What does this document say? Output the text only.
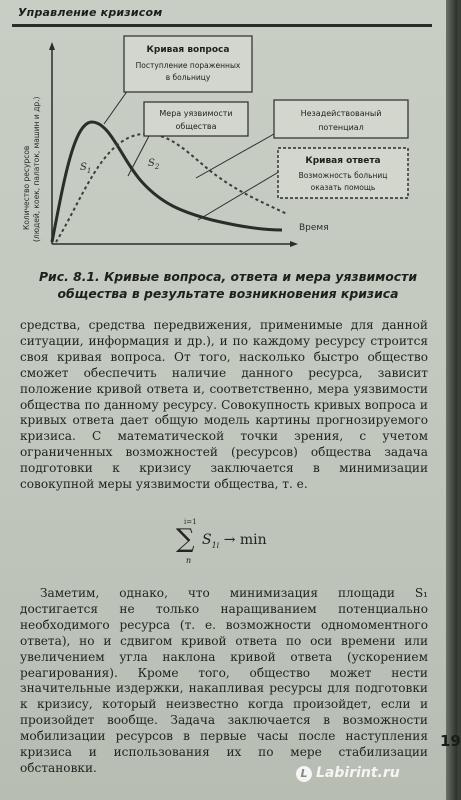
Управление кризисом
Количество ресурсов (людей, коек, палаток, машин и др.)	Время
$S_1$
$S_2$
Кривая вопроса
Поступление пораженных
в больницу
Мера уязвимости
общества
Незадействованый
потенциал
Кривая ответа
Возможность больниц
оказать помощь
Рис. 8.1. Кривые вопроса, ответа и мера уязвимости
общества в результате возникновения кризиса

средства, средства передвижения, применимые для данной ситуации, информация и др.), и по каждому ресурсу строится своя кривая вопроса. От того, насколько быстро общество сможет обеспечить наличие данного ресурса, зависит положение кривой ответа и, соответственно, мера уязвимости общества по данному ресурсу. Совокупность кривых вопроса и кривых ответа дает общую модель картины прогнозируемого кризиса. С математической точки зрения, с учетом ограниченных возможностей (ресурсов) общества задача подготовки к кризису заключается в минимизации совокупной меры уязвимости общества, т. е.

i=1
∑
n
$S_{1i} \to \min$

Заметим, однако, что минимизация площади S₁ достигается не только наращиванием потенциально необходимого ресурса (т. е. возможности одномоментного ответа), но и сдвигом кривой ответа по оси времени или увеличением угла наклона кривой ответа (ускорением реагирования). Кроме того, общество может нести значительные издержки, накапливая ресурсы для подготовки к кризису, который неизвестно когда произойдет, если и произойдет вообще. Задача заключается в возможности мобилизации ресурсов в первые часы после наступления кризиса и использования их по мере стабилизации обстановки.	L Labirint.ru
19
